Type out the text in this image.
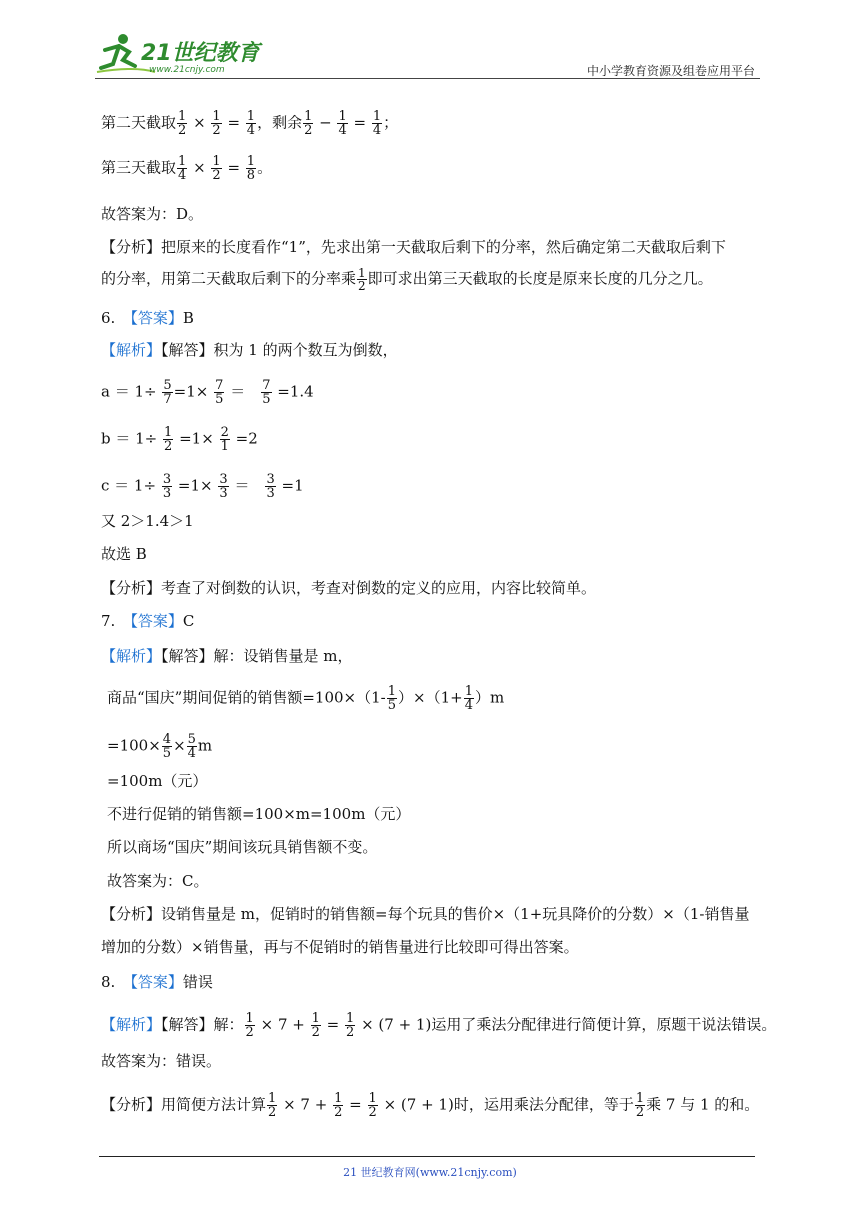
21世纪教育
www.21cnjy.com	中小学教育资源及组卷应用平台
第二天截取 $\frac{1}{2} \times \frac{1}{2} = \frac{1}{4}$ ，剩余 $\frac{1}{2} - \frac{1}{4} = \frac{1}{4}$ ；
第三天截取 $\frac{1}{4} \times \frac{1}{2} = \frac{1}{8}$ 。
故答案为：D。
【分析】把原来的长度看作“1”，先求出第一天截取后剩下的分率，然后确定第二天截取后剩下
的分率，用第二天截取后剩下的分率乘 $\frac{1}{2}$ 即可求出第三天截取的长度是原来长度的几分之几。
6.　 【答案】B
【解析】【解答】积为 1 的两个数互为倒数，
$a = 1\div \frac{5}{7} =1\times \frac{7}{5}$ ＝　 $\frac{7}{5} =1.4$
$b = 1\div \frac{1}{2} =1\times \frac{2}{1} =2$
$c = 1\div \frac{3}{3} =1\times \frac{3}{3}$ ＝　 $\frac{3}{3} =1$
又 2＞1.4＞1
故选 B
【分析】考查了对倒数的认识，考查对倒数的定义的应用，内容比较简单。
7.　 【答案】C
【解析】【解答】解：设销售量是 m，
商品“国庆”期间促销的销售额$=100\times(1- \frac{1}{5} )\times(1+ \frac{1}{4} )m$
$=100\times \frac{4}{5} \times \frac{5}{4}$ m
=100m（元）
不进行促销的销售额=100×m=100m（元）
所以商场“国庆”期间该玩具销售额不变。
故答案为：C。
【分析】设销售量是 m，促销时的销售额=每个玩具的售价×（1+玩具降价的分数）×（1-销售量
增加的分数）×销售量，再与不促销时的销售量进行比较即可得出答案。
8.　 【答案】错误
【解析】【解答】解： $\frac{1}{2} \times 7 + \frac{1}{2} = \frac{1}{2} \times (7 + 1)$运用了乘法分配律进行简便计算，原题干说法错误。
故答案为：错误。
【分析】用简便方法计算 $\frac{1}{2} \times 7 + \frac{1}{2} = \frac{1}{2} \times (7 + 1)$时，运用乘法分配律，等于 $\frac{1}{2}$ 乘 7 与 1 的和。
21 世纪教育网(www.21cnjy.com)
